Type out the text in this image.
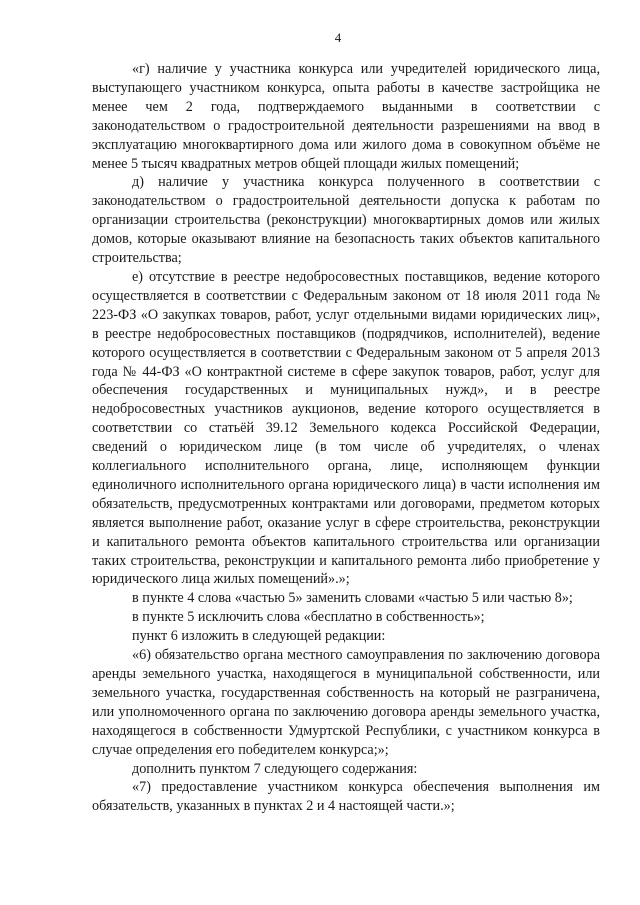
4

«г) наличие у участника конкурса или учредителей юридического лица, выступающего участником конкурса, опыта работы в качестве застройщика не менее чем 2 года, подтверждаемого выданными в соответствии с законодательством о градостроительной деятельности разрешениями на ввод в эксплуатацию многоквартирного дома или жилого дома в совокупном объёме не менее 5 тысяч квадратных метров общей площади жилых помещений;

д) наличие у участника конкурса полученного в соответствии с законодательством о градостроительной деятельности допуска к работам по организации строительства (реконструкции) многоквартирных домов или жилых домов, которые оказывают влияние на безопасность таких объектов капитального строительства;

е) отсутствие в реестре недобросовестных поставщиков, ведение которого осуществляется в соответствии с Федеральным законом от 18 июля 2011 года № 223-ФЗ «О закупках товаров, работ, услуг отдельными видами юридических лиц», в реестре недобросовестных поставщиков (подрядчиков, исполнителей), ведение которого осуществляется в соответствии с Федеральным законом от 5 апреля 2013 года № 44-ФЗ «О контрактной системе в сфере закупок товаров, работ, услуг для обеспечения государственных и муниципальных нужд», и в реестре недобросовестных участников аукционов, ведение которого осуществляется в соответствии со статьёй 39.12 Земельного кодекса Российской Федерации, сведений о юридическом лице (в том числе об учредителях, о членах коллегиального исполнительного органа, лице, исполняющем функции единоличного исполнительного органа юридического лица) в части исполнения им обязательств, предусмотренных контрактами или договорами, предметом которых является выполнение работ, оказание услуг в сфере строительства, реконструкции и капитального ремонта объектов капитального строительства или организации таких строительства, реконструкции и капитального ремонта либо приобретение у юридического лица жилых помещений».»;

в пункте 4 слова «частью 5» заменить словами «частью 5 или частью 8»;

в пункте 5 исключить слова «бесплатно в собственность»;

пункт 6 изложить в следующей редакции:

«6) обязательство органа местного самоуправления по заключению договора аренды земельного участка, находящегося в муниципальной собственности, или земельного участка, государственная собственность на который не разграничена, или уполномоченного органа по заключению договора аренды земельного участка, находящегося в собственности Удмуртской Республики, с участником конкурса в случае определения его победителем конкурса;»;

дополнить пунктом 7 следующего содержания:

«7) предоставление участником конкурса обеспечения выполнения им обязательств, указанных в пунктах 2 и 4 настоящей части.»;
